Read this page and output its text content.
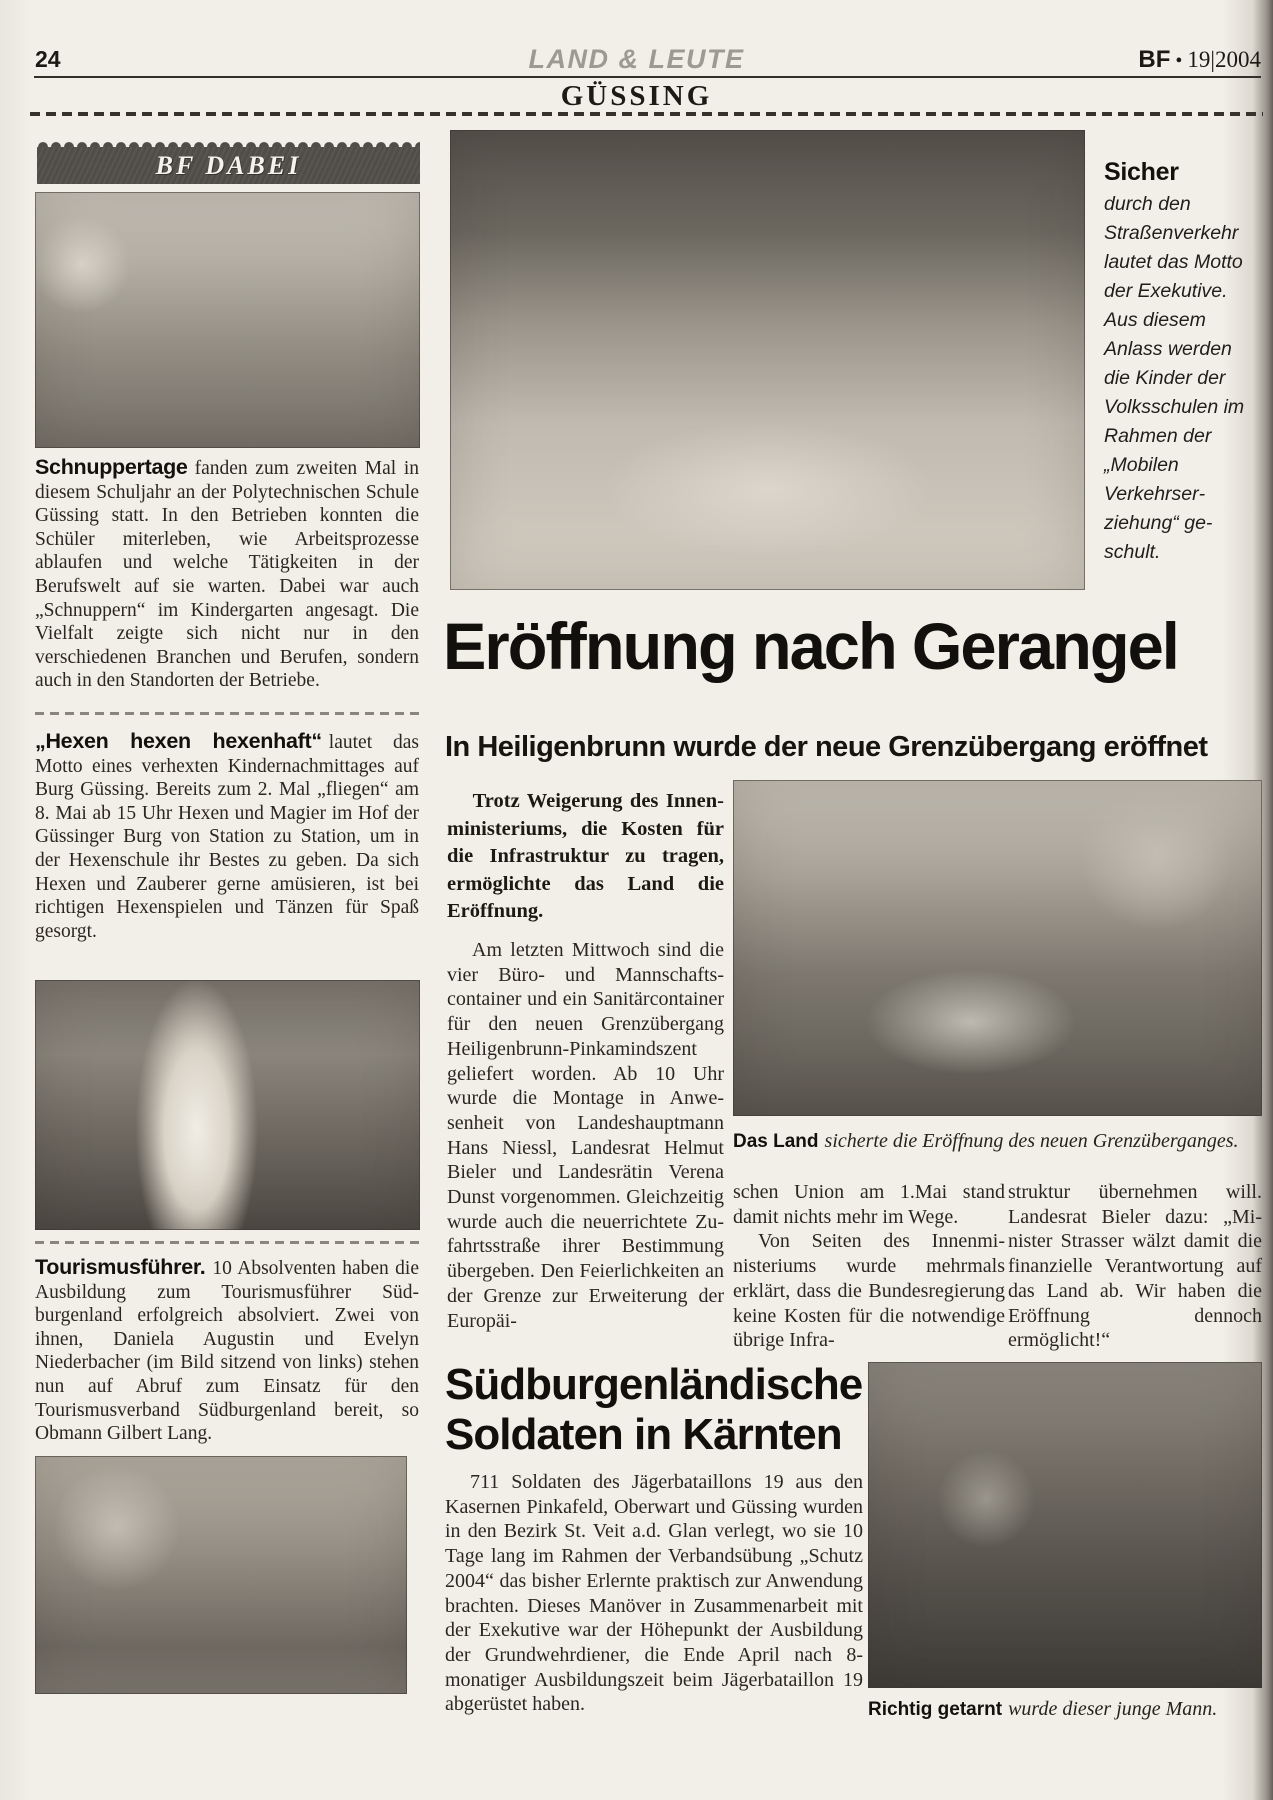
24	LAND & LEUTE	BF • 19|2004
GÜSSING
BF DABEI
Schnuppertage fanden zum zweiten Mal in diesem Schuljahr an der Polytechnischen Schule Güssing statt. In den Betrieben konnten die Schüler miterleben, wie Arbeitsprozesse ablaufen und welche Tätigkeiten in der Berufswelt auf sie warten. Dabei war auch „Schnuppern“ im Kindergarten angesagt. Die Vielfalt zeigte sich nicht nur in den verschiedenen Branchen und Berufen, sondern auch in den Standorten der Betriebe.
„Hexen hexen hexenhaft“ lautet das Motto eines verhexten Kindernachmittages auf Burg Güssing. Bereits zum 2. Mal „fliegen“ am 8. Mai ab 15 Uhr Hexen und Magier im Hof der Güssinger Burg von Station zu Station, um in der Hexenschule ihr Bestes zu geben. Da sich Hexen und Zauberer gerne amüsieren, ist bei richtigen Hexenspielen und Tänzen für Spaß gesorgt.
Tourismusführer. 10 Absolventen haben die Ausbildung zum Tourismusführer Südburgenland erfolgreich absolviert. Zwei von ihnen, Daniela Augustin und Evelyn Niederbacher (im Bild sitzend von links) stehen nun auf Abruf zum Einsatz für den Tourismusverband Südburgenland bereit, so Obmann Gilbert Lang.
Sicher
durch den Straßenverkehr lautet das Motto der Exekutive. Aus diesem Anlass werden die Kinder der Volksschulen im Rahmen der „Mobilen Verkehrserziehung“ geschult.
Eröffnung nach Gerangel
In Heiligenbrunn wurde der neue Grenzübergang eröffnet
Trotz Weigerung des Innenministeriums, die Kosten für die Infrastruktur zu tragen, ermöglichte das Land die Eröffnung.
Am letzten Mittwoch sind die vier Büro- und Mannschaftscontainer und ein Sanitärcontainer für den neuen Grenzübergang Heiligenbrunn-Pinkamindszent geliefert worden. Ab 10 Uhr wurde die Montage in Anwesenheit von Landeshauptmann Hans Niessl, Landesrat Helmut Bieler und Landesrätin Verena Dunst vorgenommen. Gleichzeitig wurde auch die neuerrichtete Zufahrtsstraße ihrer Bestimmung übergeben. Den Feierlichkeiten an der Grenze zur Erweiterung der Europäi-
Das Land sicherte die Eröffnung des neuen Grenzüberganges.
schen Union am 1.Mai stand damit nichts mehr im Wege.
Von Seiten des Innenministeriums wurde mehrmals erklärt, dass die Bundesregierung keine Kosten für die notwendige übrige Infra-
struktur übernehmen will. Landesrat Bieler dazu: „Minister Strasser wälzt damit die finanzielle Verantwortung auf das Land ab. Wir haben die Eröffnung dennoch ermöglicht!“
Südburgenländische
Soldaten in Kärnten
711 Soldaten des Jägerbataillons 19 aus den Kasernen Pinkafeld, Oberwart und Güssing wurden in den Bezirk St. Veit a.d. Glan verlegt, wo sie 10 Tage lang im Rahmen der Verbandsübung „Schutz 2004“ das bisher Erlernte praktisch zur Anwendung brachten. Dieses Manöver in Zusammenarbeit mit der Exekutive war der Höhepunkt der Ausbildung der Grundwehrdiener, die Ende April nach 8-monatiger Ausbildungszeit beim Jägerbataillon 19 abgerüstet haben.	Richtig getarnt wurde dieser junge Mann.
